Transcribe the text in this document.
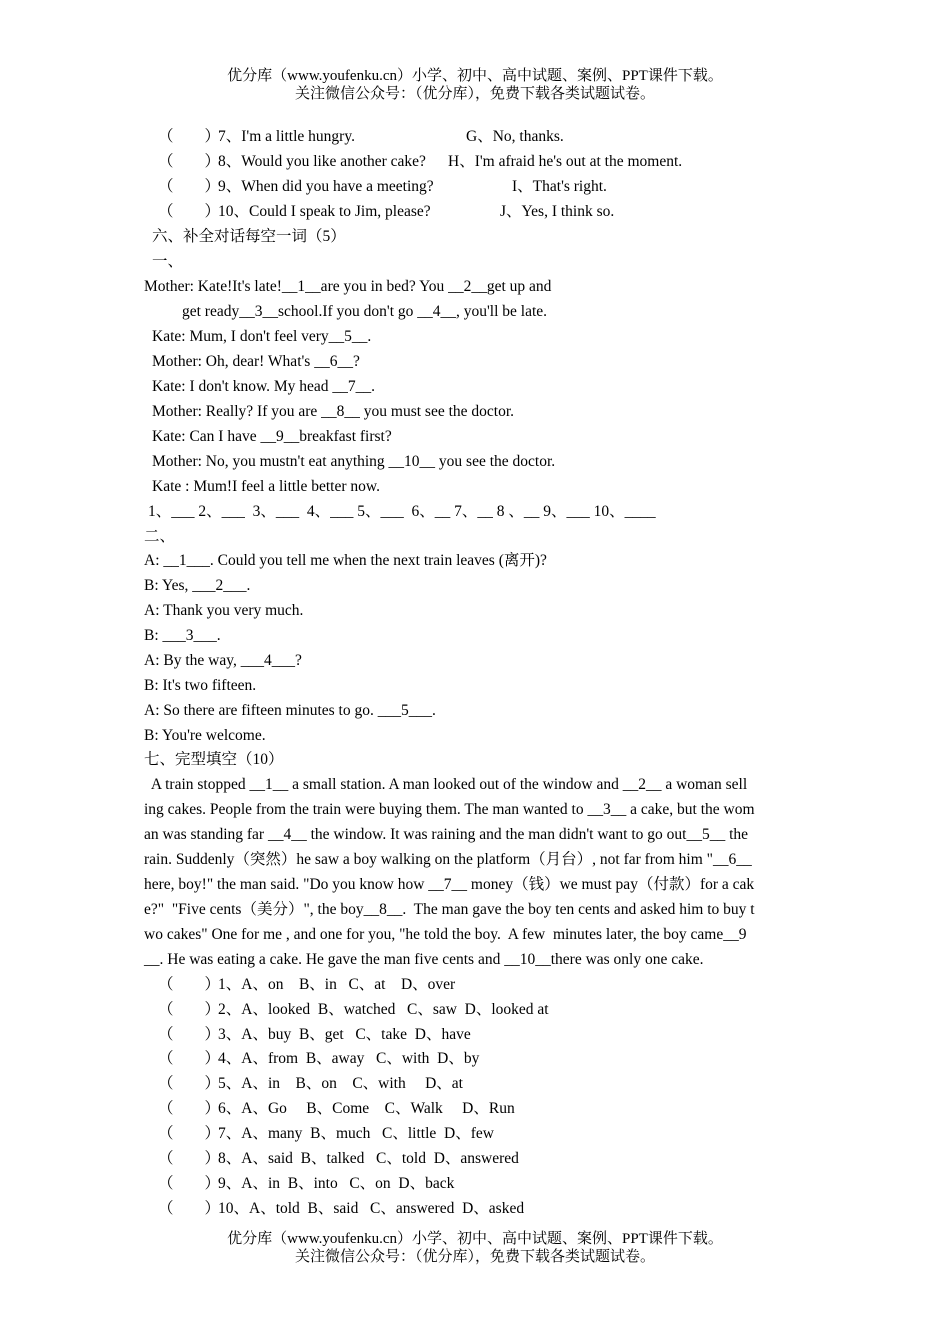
优分库（www.youfenku.cn）小学、初中、高中试题、案例、PPT课件下载。
关注微信公众号：（优分库），免费下载各类试题试卷。
（        ）
7、I'm a little hungry.	G、No, thanks.
（        ）
8、Would you like another cake? H、I'm afraid he's out at the moment.
（        ）
9、When did you have a meeting?	I、That's right.
（        ）
10、Could I speak to Jim, please?	J、Yes, I think so.
六、补全对话每空一词（5）
一、
Mother: Kate!It's late!__1__are you in bed? You __2__get up and
get ready__3__school.If you don't go __4__, you'll be late.
Kate: Mum, I don't feel very__5__.
Mother: Oh, dear! What's __6__?
Kate: I don't know. My head __7__.
Mother: Really? If you are __8__ you must see the doctor.
Kate: Can I have __9__breakfast first?
Mother: No, you mustn't eat anything __10__ you see the doctor.
Kate : Mum!I feel a little better now.
1、___ 2、___  3、___  4、___ 5、___  6、__ 7、__ 8 、__ 9、___ 10、____
二、
A: __1___. Could you tell me when the next train leaves (离开)?
B: Yes, ___2___.
A: Thank you very much.
B: ___3___.
A: By the way, ___4___?
B: It's two fifteen.
A: So there are fifteen minutes to go. ___5___.
B: You're welcome.
七、完型填空（10）
A train stopped __1__ a small station. A man looked out of the window and __2__ a woman sell
ing cakes. People from the train were buying them. The man wanted to __3__ a cake, but the wom
an was standing far __4__ the window. It was raining and the man didn't want to go out__5__ the
rain. Suddenly（突然）he saw a boy walking on the platform（月台）, not far from him "__6__
here, boy!" the man said. "Do you know how __7__ money（钱）we must pay（付款）for a cak
e?"  "Five cents（美分）", the boy__8__.  The man gave the boy ten cents and asked him to buy t
wo cakes" One for me , and one for you, "he told the boy.  A few  minutes later, the boy came__9
__. He was eating a cake. He gave the man five cents and __10__there was only one cake.
（        ）
1、A、on    B、in   C、at    D、over
（        ）
2、A、looked  B、watched   C、saw  D、looked at
（        ）
3、A、buy  B、get   C、take  D、have
（        ）
4、A、from  B、away   C、with  D、by
（        ）
5、A、in    B、on    C、with     D、at
（        ）
6、A、Go     B、Come    C、Walk     D、Run
（        ）
7、A、many  B、much   C、little  D、few
（        ）
8、A、said  B、talked   C、told  D、answered
（        ）
9、A、in  B、into   C、on  D、back
（        ）
10、A、told  B、said   C、answered  D、asked
优分库（www.youfenku.cn）小学、初中、高中试题、案例、PPT课件下载。
关注微信公众号：（优分库），免费下载各类试题试卷。
